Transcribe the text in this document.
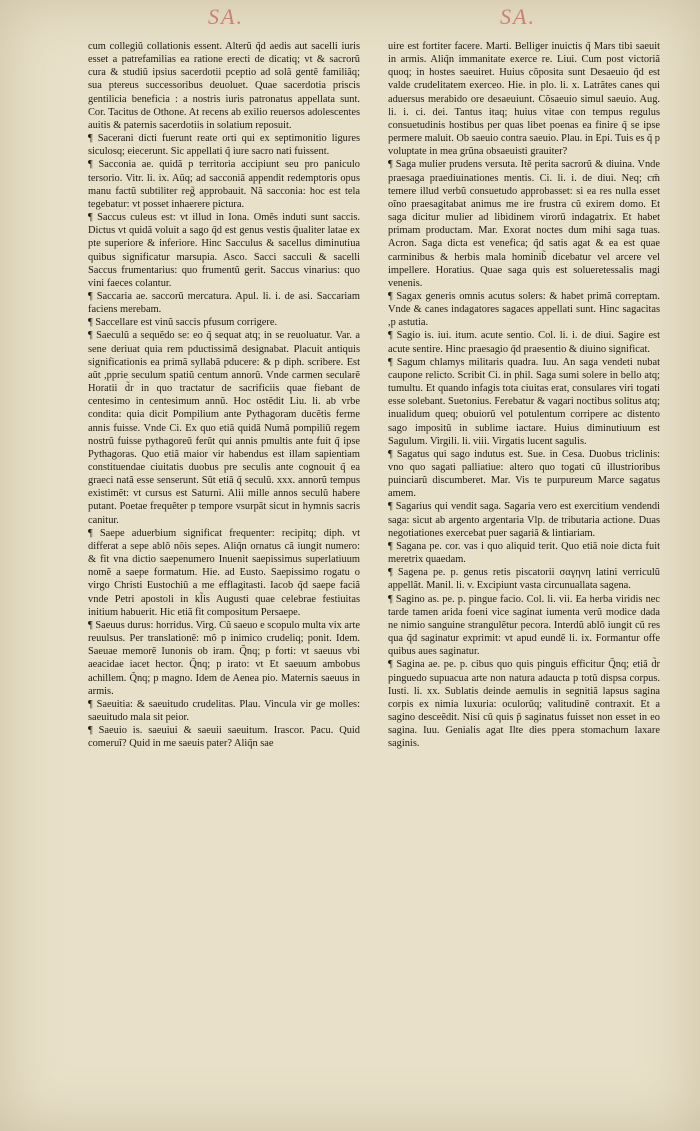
SA.	SA.

cum collegiũ collationis essent. Alterũ q̃d aedis aut sacelli iuris esset a patrefamilias ea ratione erecti de dicatiq; vt & sacrorũ cura & studiũ ipsius sacerdotii pceptio ad solã gentẽ familiãq; sua ptereus successoribus deuoluet. Quae sacerdotia priscis gentilicia beneficia : a nostris iuris patronatus appellata sunt. Cor. Tacitus de Othone. At recens ab exilio reuersos adolescentes auitis & paternis sacerdotiis in solatium reposuit.

¶ Sacerani dicti fuerunt reate orti qui ex septimonitio ligures siculosq; eiecerunt. Sic appellati q̃ iure sacro nati fuissent.

¶ Sacconia ae. quidã p territoria accipiunt seu pro paniculo tersorio. Vitr. li. ix. Aũq; ad sacconiã appendit redemptoris opus manu factũ subtiliter reg̃ approbauit. Nã sacconia: hoc est tela tegebatur: vt posset inhaerere pictura.

¶ Saccus culeus est: vt illud in Iona. Omẽs induti sunt saccis. Dictus vt quidã voluit a sago q̃d est genus vestis q̃ualiter latae ex pte superiore & inferiore. Hinc Sacculus & sacellus diminutiua quibus significatur marsupia. Asco. Sacci sacculi & sacelli Saccus frumentarius: quo frumentũ gerit. Saccus vinarius: quo vini faeces colantur.

¶ Saccaria ae. saccorũ mercatura. Apul. li. i. de asi. Saccariam faciens merebam.

¶ Saccellare est vinũ saccis pfusum corrigere.

¶ Saeculũ a sequẽdo se: eo q̃ sequat atq; in se reuoluatur. Var. a sene deriuat quia rem pductissimã designabat. Placuit antiquis significationis ea primã syllabã pducere: & p diph. scribere. Est aũt ,pprie seculum spatiũ centum annorũ. Vnde carmen secularẽ Horatii d̃r in quo tractatur de sacrificiis quae fiebant de centesimo in centesimum annũ. Hoc ostẽdit Liu. li. ab vrbe condita: quia dicit Pompilium ante Pythagoram ducẽtis ferme annis fuisse. Vnde Ci. Ex quo etiã quidã Numã pompiliũ regem nostrũ fuisse pythagoreũ ferũt qui annis pmultis ante fuit q̃ ipse Pythagoras. Quo etiã maior vir habendus est illam sapientiam constituendae ciuitatis duobus pre seculis ante cognouit q̃ ea graeci natã esse senserunt. Sũt etiã q̃ seculũ. xxx. annorũ tempus existimẽt: vt cursus est Saturni. Alii mille annos seculũ habere putant. Poetae frequẽter p tempore vsurpãt sicut in hymnis sacris canitur.

¶ Saepe aduerbium significat frequenter: recipitq; diph. vt differat a sepe ablõ nõis sepes. Aliq̃n ornatus cã iungit numero: & fit vna dictio saepenumero Inuenit saepissimus superlatiuum nomẽ a saepe formatum. Hie. ad Eusto. Saepissimo rogatu o virgo Christi Eustochiũ a me efflagitasti. Iacob q̃d saepe faciã vnde Petri apostoli in kl̃is Augusti quae celebrae festiuitas initium habuerit. Hic etiã fit compositum Persaepe.

¶ Saeuus durus: horridus. Virg. Cũ saeuo e scopulo multa vix arte reuulsus. Per translationẽ: mõ p inimico crudeliq; ponit. Idem. Saeuae memorẽ Iunonis ob iram. Q̃nq; p forti: vt saeuus vbi aeacidae iacet hector. Q̃nq; p irato: vt Et saeuum ambobus achillem. Q̃nq; p magno. Idem de Aenea pio. Maternis saeuus in armis.

¶ Saeuitia: & saeuitudo crudelitas. Plau. Vincula vir ge molles: saeuitudo mala sit peior.

¶ Saeuio is. saeuiui & saeuii saeuitum. Irascor. Pacu. Quid comeruĩ? Quid in me saeuis pater? Aliq̃n sae

uire est fortiter facere. Marti. Belliger inuictis q̃ Mars tibi saeuit in armis. Aliq̃n immanitate exerce re. Liui. Cum post victoriã quoq; in hostes saeuiret. Huius cõposita sunt Desaeuio q̃d est valde crudelitatem exerceo. Hie. in plo. li. x. Latrãtes canes qui aduersus merabido ore desaeuiunt. Cõsaeuio simul saeuio. Aug. li. i. ci. dei. Tantus itaq; huius vitae con tempus regulus consuetudinis hostibus per quas libet poenas ea finire q̃ se ipse permere maluit. Ob saeuio contra saeuio. Plau. in Epi. Tuis es q̃ p voluptate in mea grũna obsaeuisti grauiter?

¶ Saga mulier prudens versuta. Itẽ perita sacrorũ & diuina. Vnde praesaga praediuinationes mentis. Ci. li. i. de diui. Neq; cm̃ temere illud verbũ consuetudo approbasset: si ea res nulla esset oĩno praesagitabat animus me ire frustra cũ exirem domo. Et saga dicitur mulier ad libidinem virorũ indagatrix. Et habet primam productam. Mar. Exorat noctes dum mihi saga tuas. Acron. Saga dicta est venefica; q̃d satis agat & ea est quae carminibus & herbis mala hominib̃ dicebatur vel arcere vel impellere. Horatius. Quae saga quis est solueretessalis magi venenis.

¶ Sagax generis omnis acutus solers: & habet primã correptam. Vnde & canes indagatores sagaces appellati sunt. Hinc sagacitas ,p astutia.

¶ Sagio is. iui. itum. acute sentio. Col. li. i. de diui. Sagire est acute sentire. Hinc praesagio q̃d praesentio & diuino significat.

¶ Sagum chlamys militaris quadra. Iuu. An saga vendeti nubat caupone relicto. Scribit Ci. in phil. Saga sumi solere in bello atq; tumultu. Et quando infagis tota ciuitas erat, consulares viri togati esse solebant. Suetonius. Ferebatur & vagari noctibus solitus atq; inualidum queq; obuiorũ vel potulentum corripere ac distento sago impositũ in sublime iactare. Huius diminutiuum est Sagulum. Virgili. li. viii. Virgatis lucent sagulis.

¶ Sagatus qui sago indutus est. Sue. in Cesa. Duobus triclinis: vno quo sagati palliatiue: altero quo togati cũ illustrioribus puinciarũ discumberet. Mar. Vis te purpureum Marce sagatus amem.

¶ Sagarius qui vendit saga. Sagaria vero est exercitium vendendi saga: sicut ab argento argentaria Vlp. de tributaria actione. Duas negotiationes exercebat puer sagariã & lintiariam.

¶ Sagana pe. cor. vas i quo aliquid terit. Quo etiã noie dicta fuit meretrix quaedam.

¶ Sagena pe. p. genus retis piscatorii σαγηνη latini verriculũ appellãt. Manil. li. v. Excipiunt vasta circunuallata sagena.

¶ Sagino as. pe. p. pingue facio. Col. li. vii. Ea herba viridis nec tarde tamen arida foeni vice saginat iumenta verũ modice dada ne nimio sanguine strangulẽtur pecora. Interdũ ablõ iungit cũ res qua q̃d saginatur exprimit: vt apud eundẽ li. ix. Formantur offe quibus aues saginatur.

¶ Sagina ae. pe. p. cibus quo quis pinguis efficitur Q̃nq; etiã d̃r pinguedo supuacua arte non natura adaucta p totũ dispsa corpus. Iusti. li. xx. Sublatis deinde aemulis in segnitiã lapsus sagina corpis ex nimia luxuria: oculorũq; valitudinẽ contraxit. Et a sagino desceẽdit. Nisi cũ quis p̃ saginatus fuisset non esset in eo sagina. Iuu. Genialis agat Ilte dies ppera stomachum laxare saginis.
